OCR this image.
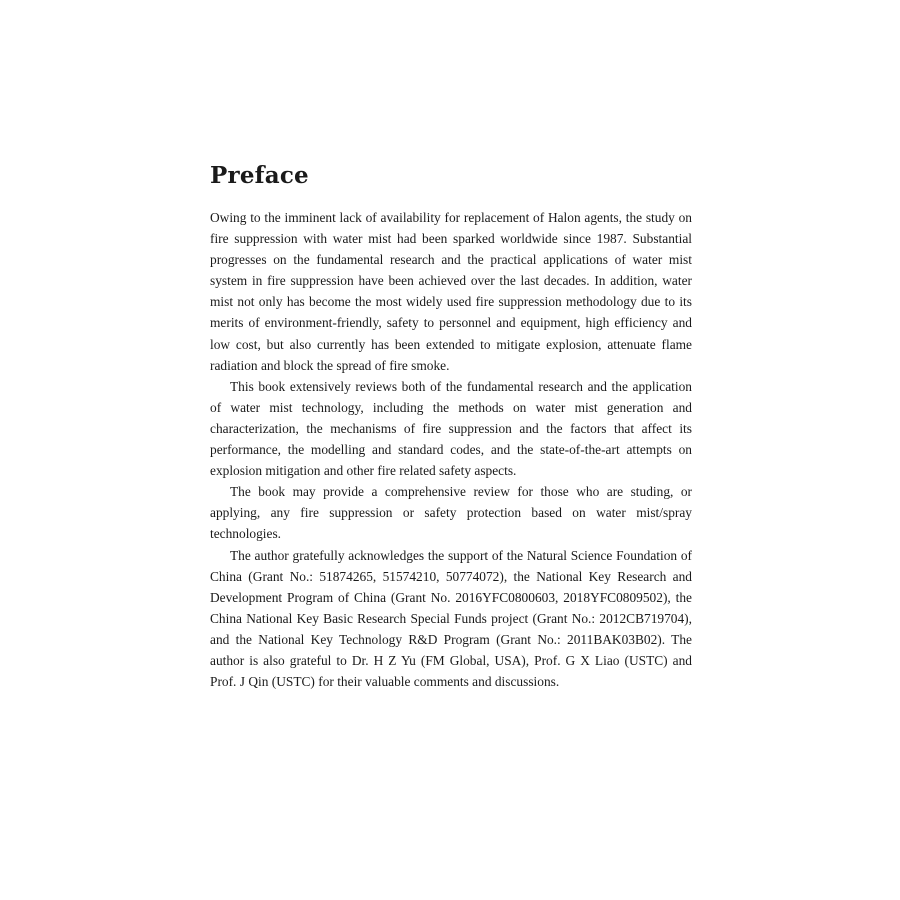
Preface

Owing to the imminent lack of availability for replacement of Halon agents, the study on fire suppression with water mist had been sparked worldwide since 1987. Substantial progresses on the fundamental research and the practical applications of water mist system in fire suppression have been achieved over the last decades. In addition, water mist not only has become the most widely used fire suppression methodology due to its merits of environment-friendly, safety to personnel and equipment, high efficiency and low cost, but also currently has been extended to mitigate explosion, attenuate flame radiation and block the spread of fire smoke.

This book extensively reviews both of the fundamental research and the application of water mist technology, including the methods on water mist generation and characterization, the mechanisms of fire suppression and the factors that affect its performance, the modelling and standard codes, and the state-of-the-art attempts on explosion mitigation and other fire related safety aspects.

The book may provide a comprehensive review for those who are studing, or applying, any fire suppression or safety protection based on water mist/spray technologies.

The author gratefully acknowledges the support of the Natural Science Foundation of China (Grant No.: 51874265, 51574210, 50774072), the National Key Research and Development Program of China (Grant No. 2016YFC0800603, 2018YFC0809502), the China National Key Basic Research Special Funds project (Grant No.: 2012CB719704), and the National Key Technology R&D Program (Grant No.: 2011BAK03B02). The author is also grateful to Dr. H Z Yu (FM Global, USA), Prof. G X Liao (USTC) and Prof. J Qin (USTC) for their valuable comments and discussions.
